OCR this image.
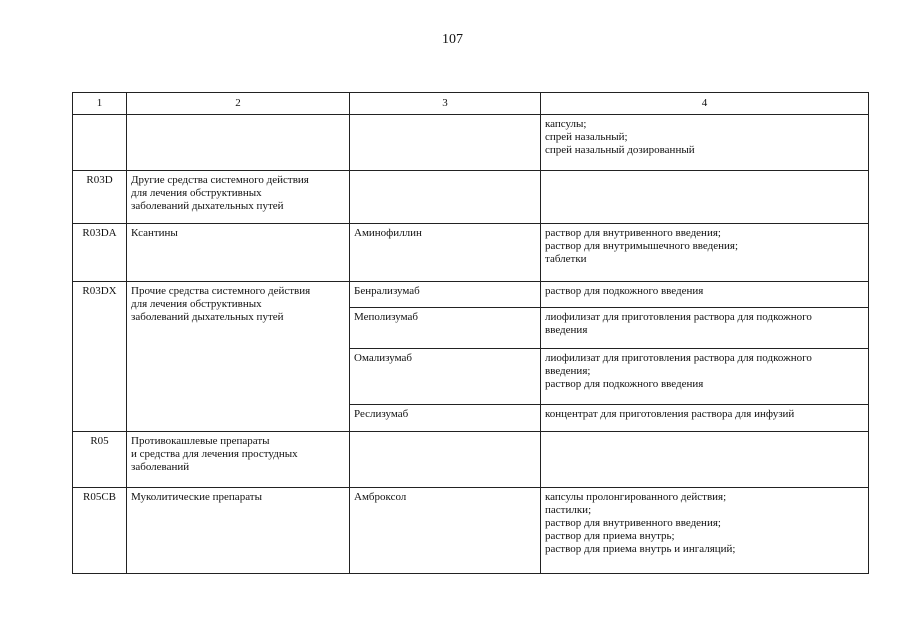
107
1	2	3	4

			капсулы;
спрей назальный;
спрей назальный дозированный

R03D	Другие средства системного действия
для лечения обструктивных
заболеваний дыхательных путей		

R03DA	Ксантины	Аминофиллин	раствор для внутривенного введения;
раствор для внутримышечного введения;
таблетки

R03DX	Прочие средства системного действия
для лечения обструктивных
заболеваний дыхательных путей	Бенрализумаб	раствор для подкожного введения

		Меполизумаб	лиофилизат для приготовления раствора для подкожного
введения

		Омализумаб	лиофилизат для приготовления раствора для подкожного
введения;
раствор для подкожного введения

		Реслизумаб	концентрат для приготовления раствора для инфузий

R05	Противокашлевые препараты
и средства для лечения простудных
заболеваний		

R05CB	Муколитические препараты	Амброксол	капсулы пролонгированного действия;
пастилки;
раствор для внутривенного введения;
раствор для приема внутрь;
раствор для приема внутрь и ингаляций;
